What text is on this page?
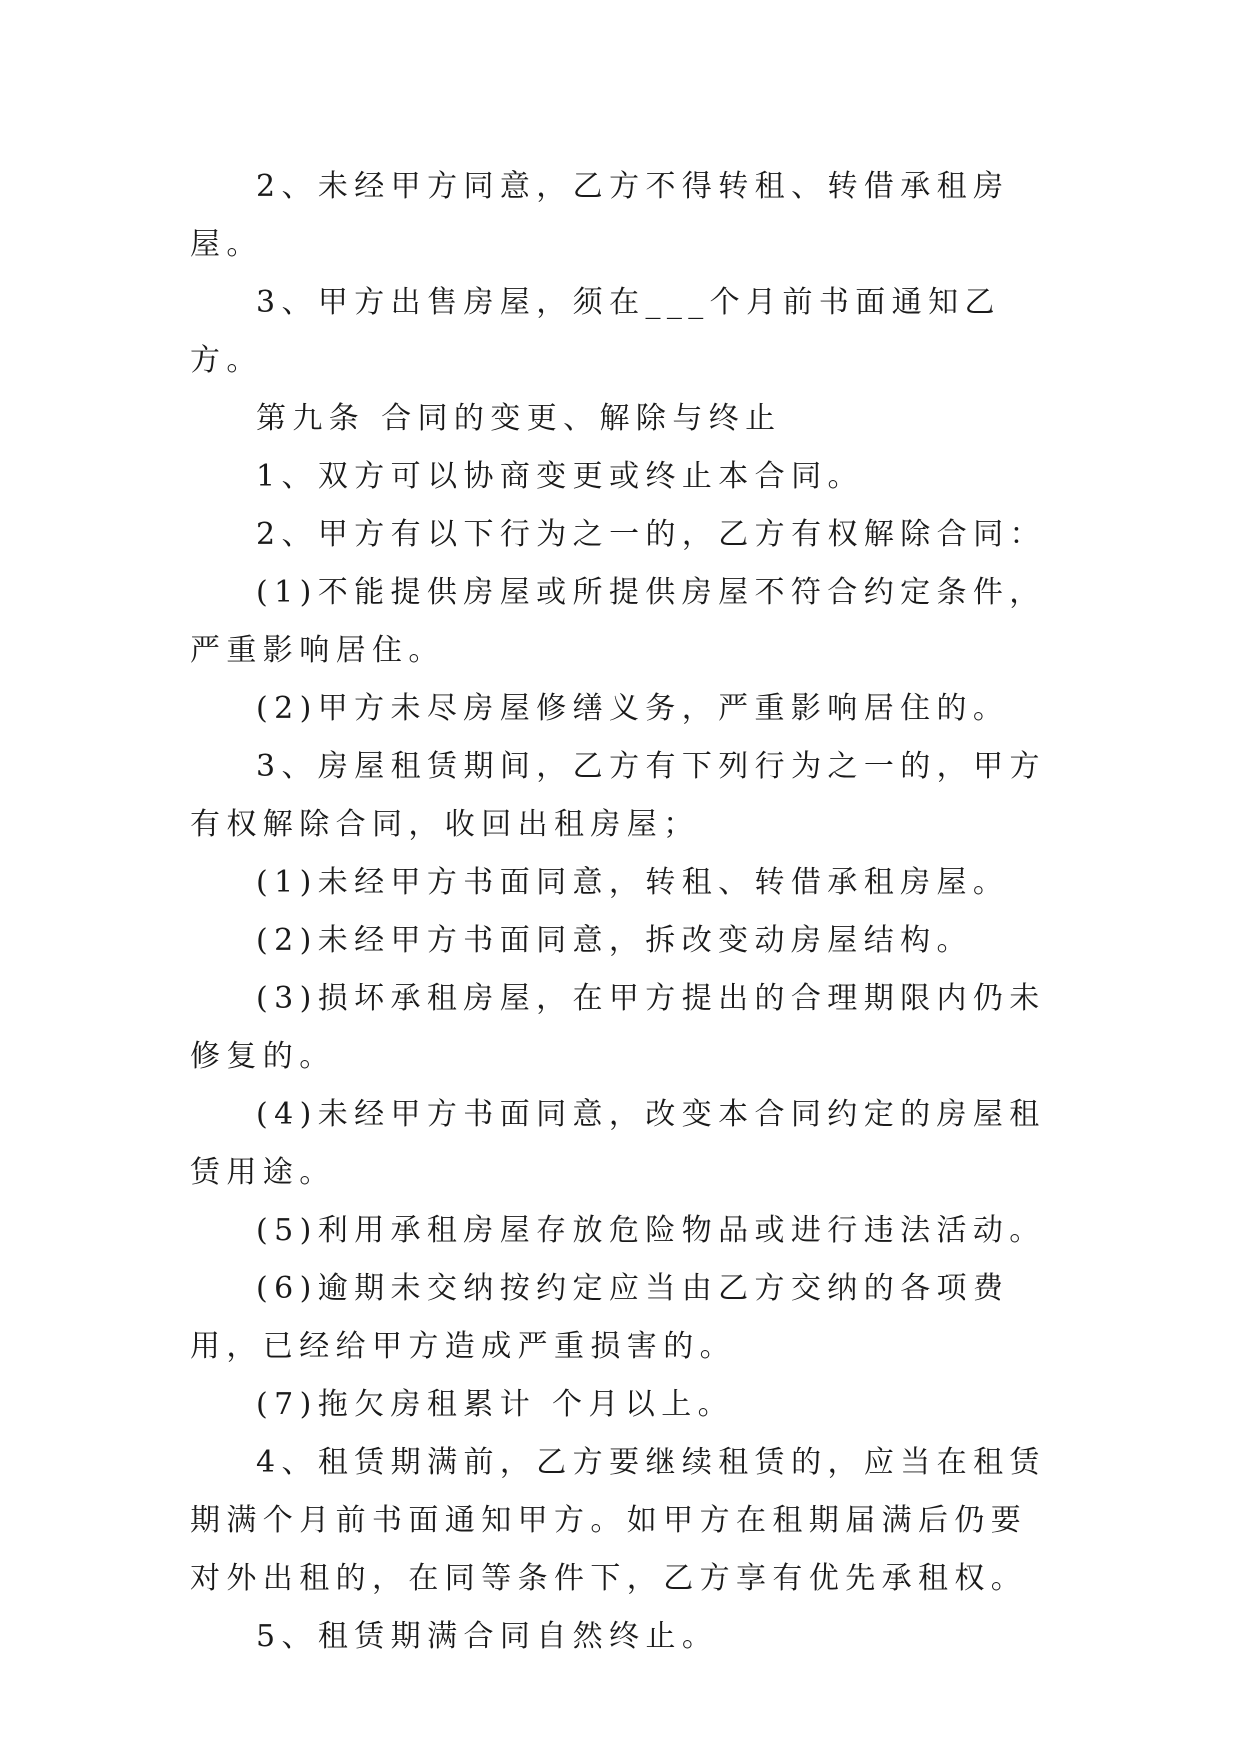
2、未经甲方同意，乙方不得转租、转借承租房屋。

3、甲方出售房屋，须在___个月前书面通知乙方。

第九条 合同的变更、解除与终止

1、双方可以协商变更或终止本合同。

2、甲方有以下行为之一的，乙方有权解除合同：

(1)不能提供房屋或所提供房屋不符合约定条件，严重影响居住。

(2)甲方未尽房屋修缮义务，严重影响居住的。

3、房屋租赁期间，乙方有下列行为之一的，甲方有权解除合同，收回出租房屋；

(1)未经甲方书面同意，转租、转借承租房屋。

(2)未经甲方书面同意，拆改变动房屋结构。

(3)损坏承租房屋，在甲方提出的合理期限内仍未修复的。

(4)未经甲方书面同意，改变本合同约定的房屋租赁用途。

(5)利用承租房屋存放危险物品或进行违法活动。

(6)逾期未交纳按约定应当由乙方交纳的各项费用，已经给甲方造成严重损害的。

(7)拖欠房租累计 个月以上。

4、租赁期满前，乙方要继续租赁的，应当在租赁期满个月前书面通知甲方。如甲方在租期届满后仍要对外出租的，在同等条件下，乙方享有优先承租权。

5、租赁期满合同自然终止。
